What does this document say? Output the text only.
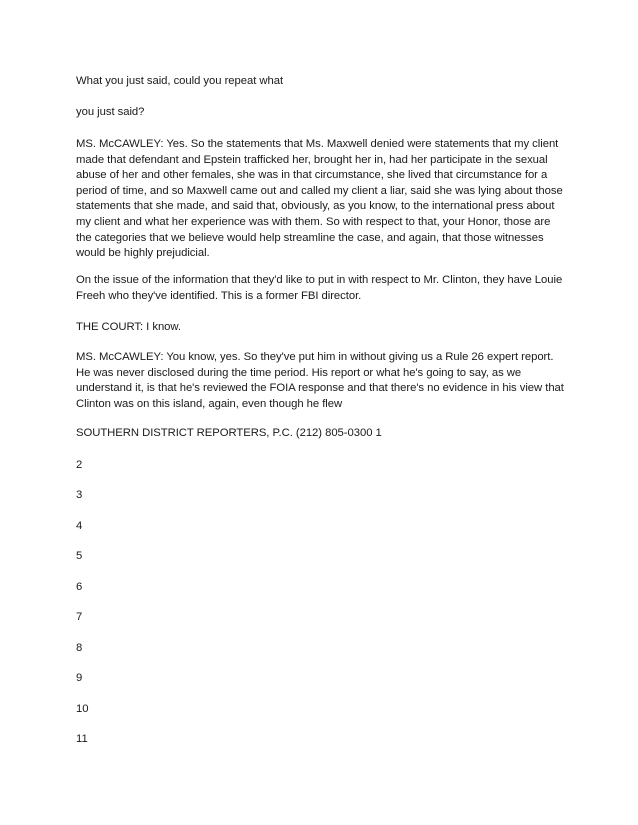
What you just said, could you repeat what

you just said?

MS. McCAWLEY: Yes. So the statements that Ms. Maxwell denied were statements that my client made that defendant and Epstein trafficked her, brought her in, had her participate in the sexual abuse of her and other females, she was in that circumstance, she lived that circumstance for a period of time, and so Maxwell came out and called my client a liar, said she was lying about those statements that she made, and said that, obviously, as you know, to the international press about my client and what her experience was with them. So with respect to that, your Honor, those are the categories that we believe would help streamline the case, and again, that those witnesses would be highly prejudicial.

On the issue of the information that they'd like to put in with respect to Mr. Clinton, they have Louie Freeh who they've identified. This is a former FBI director.

THE COURT: I know.

MS. McCAWLEY: You know, yes. So they've put him in without giving us a Rule 26 expert report. He was never disclosed during the time period. His report or what he's going to say, as we understand it, is that he's reviewed the FOIA response and that there's no evidence in his view that Clinton was on this island, again, even though he flew

SOUTHERN DISTRICT REPORTERS, P.C. (212) 805-0300 1

2

3

4

5

6

7

8

9

10

11
